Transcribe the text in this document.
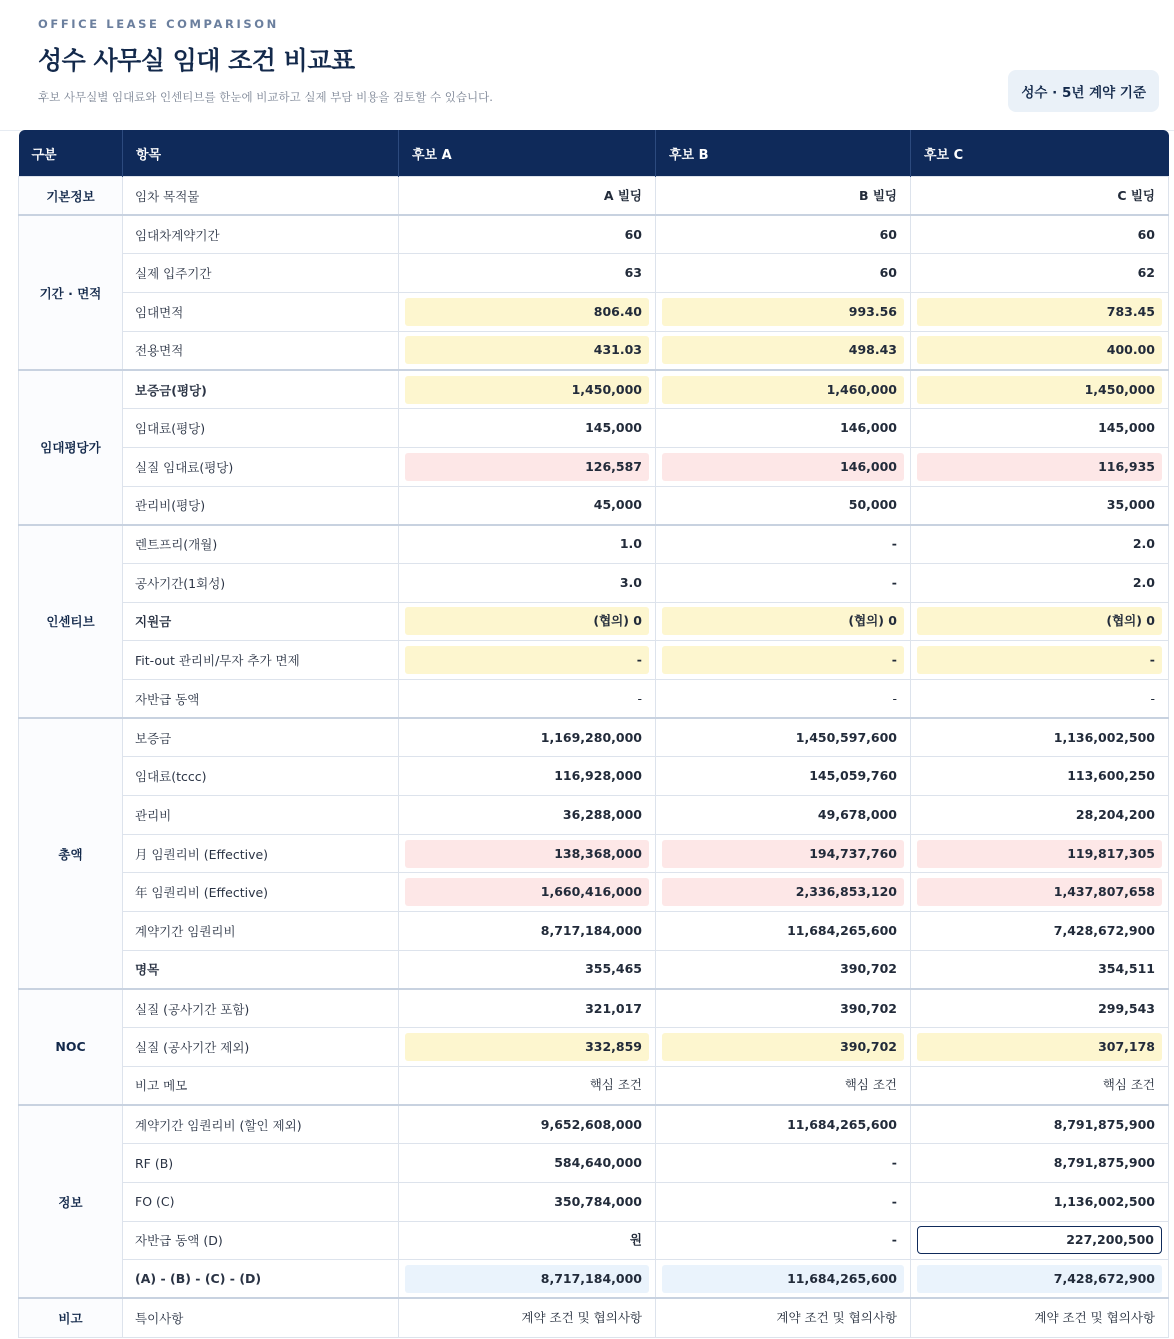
OFFICE LEASE COMPARISON
성수 사무실 임대 조건 비교표
후보 사무실별 임대료와 인센티브를 한눈에 비교하고 실제 부담 비용을 검토할 수 있습니다.	성수 · 5년 계약 기준
구분	항목	후보 A	후보 B	후보 C
기본정보	임차 목적물	A 빌딩	B 빌딩	C 빌딩

기간 · 면적	임대차계약기간	60	60	60

	실제 입주기간	63	60	62

	임대면적	806.40	993.56	783.45

	전용면적	431.03	498.43	400.00

임대평당가	보증금(평당)	1,450,000	1,460,000	1,450,000

	임대료(평당)	145,000	146,000	145,000

	실질 임대료(평당)	126,587	146,000	116,935

	관리비(평당)	45,000	50,000	35,000

인센티브	렌트프리(개월)	1.0	-	2.0

	공사기간(1회성)	3.0	-	2.0

	지원금	(협의) 0	(협의) 0	(협의) 0

	Fit-out 관리비/무자 추가 면제	-	-	-

	자반급 동액	-	-	-

총액	보증금	1,169,280,000	1,450,597,600	1,136,002,500

	임대료(tccc)	116,928,000	145,059,760	113,600,250

	관리비	36,288,000	49,678,000	28,204,200

	月 임퀀리비 (Effective)	138,368,000	194,737,760	119,817,305

	年 임퀀리비 (Effective)	1,660,416,000	2,336,853,120	1,437,807,658

	계약기간 임퀀리비	8,717,184,000	11,684,265,600	7,428,672,900

	명목	355,465	390,702	354,511

NOC	실질 (공사기간 포함)	321,017	390,702	299,543

	실질 (공사기간 제외)	332,859	390,702	307,178

	비고 메모	핵심 조건	핵심 조건	핵심 조건

정보	계약기간 임퀀리비 (할인 제외)	9,652,608,000	11,684,265,600	8,791,875,900

	RF (B)	584,640,000	-	8,791,875,900

	FO (C)	350,784,000	-	1,136,002,500

	자반급 동액 (D)	원	-	227,200,500

	(A) - (B) - (C) - (D)	8,717,184,000	11,684,265,600	7,428,672,900

비고	특이사항	계약 조건 및 협의사항	계약 조건 및 협의사항	계약 조건 및 협의사항
